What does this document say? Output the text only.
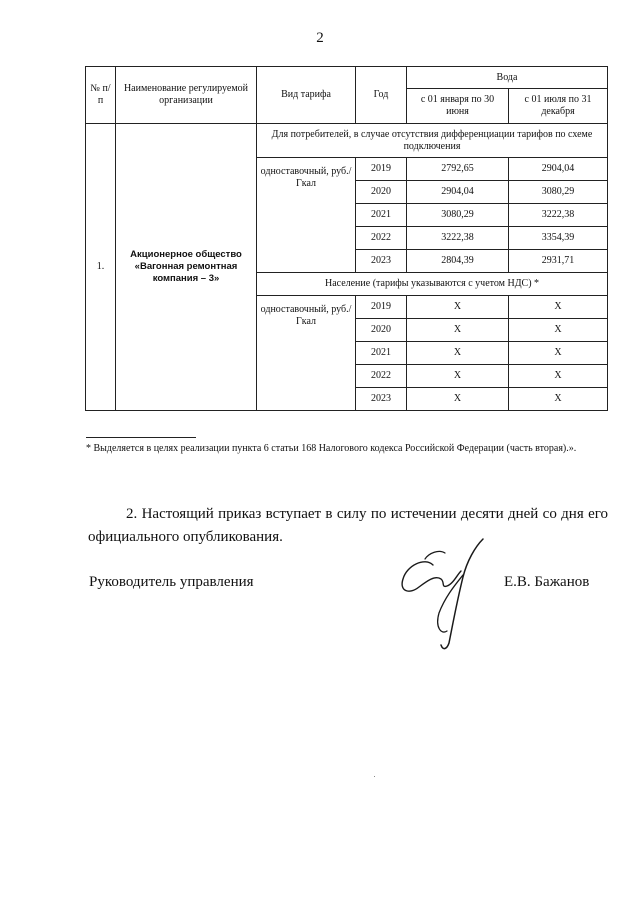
2
№ п/п	Наименование регулируемой организации	Вид тарифа	Год	Вода	
				с 01 января по 30 июня	с 01 июля по 31 декабря
1.	Акционерное общество «Вагонная ремонтная компания – 3»	Для потребителей, в случае отсутствия дифференциации тарифов по схеме подключения			
		одноставочный, руб./Гкал	2019	2792,65	2904,04
			2020	2904,04	3080,29
			2021	3080,29	3222,38
			2022	3222,38	3354,39
			2023	2804,39	2931,71
		Население (тарифы указываются с учетом НДС) *			
		одноставочный, руб./Гкал	2019	Х	Х
			2020	Х	Х
			2021	Х	Х
			2022	Х	Х
			2023	Х	Х
* Выделяется в целях реализации пункта 6 статьи 168 Налогового кодекса Российской Федерации (часть вторая).».
2. Настоящий приказ вступает в силу по истечении десяти дней со дня его официального опубликования.
Руководитель управления	Е.В. Бажанов
